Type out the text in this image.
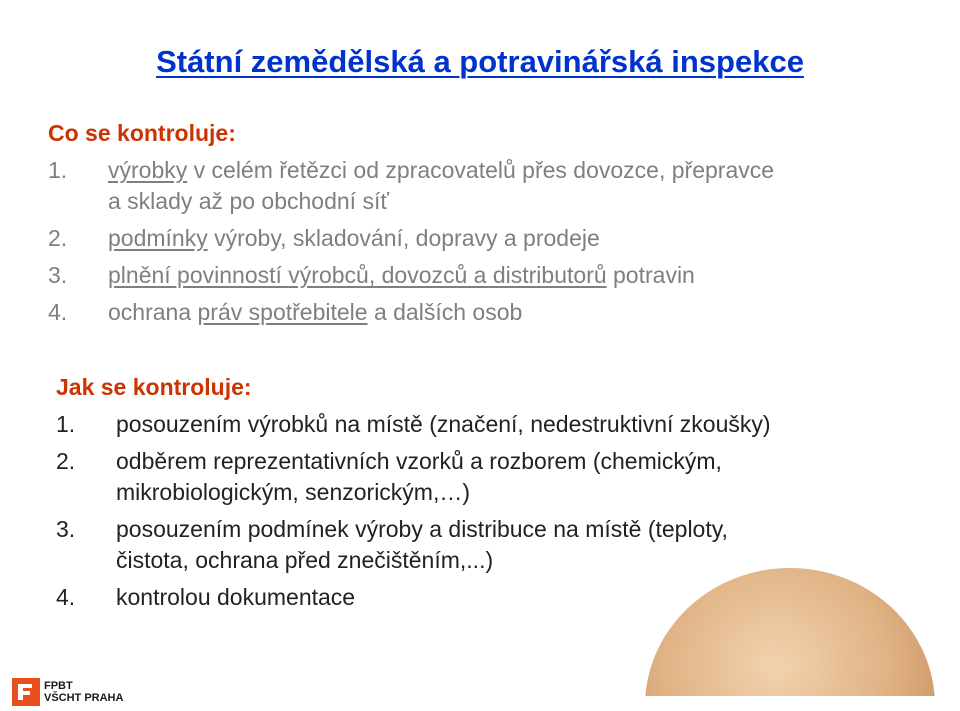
Státní zemědělská a potravinářská inspekce
Co se kontroluje:
1.	výrobky v celém řetězci od zpracovatelů přes dovozce, přepravce
a sklady až po obchodní síť
2.	podmínky výroby, skladování, dopravy a prodeje
3.	plnění povinností výrobců, dovozců a distributorů potravin
4.	ochrana práv spotřebitele a dalších osob
Jak se kontroluje:
1.	posouzením výrobků na místě (značení, nedestruktivní zkoušky)
2.	odběrem reprezentativních vzorků a rozborem (chemickým,
mikrobiologickým, senzorickým,…)
3.	posouzením podmínek výroby a distribuce na místě (teploty,
čistota, ochrana před znečištěním,...)
4.	kontrolou dokumentace
FPBT
VŠCHT PRAHA
